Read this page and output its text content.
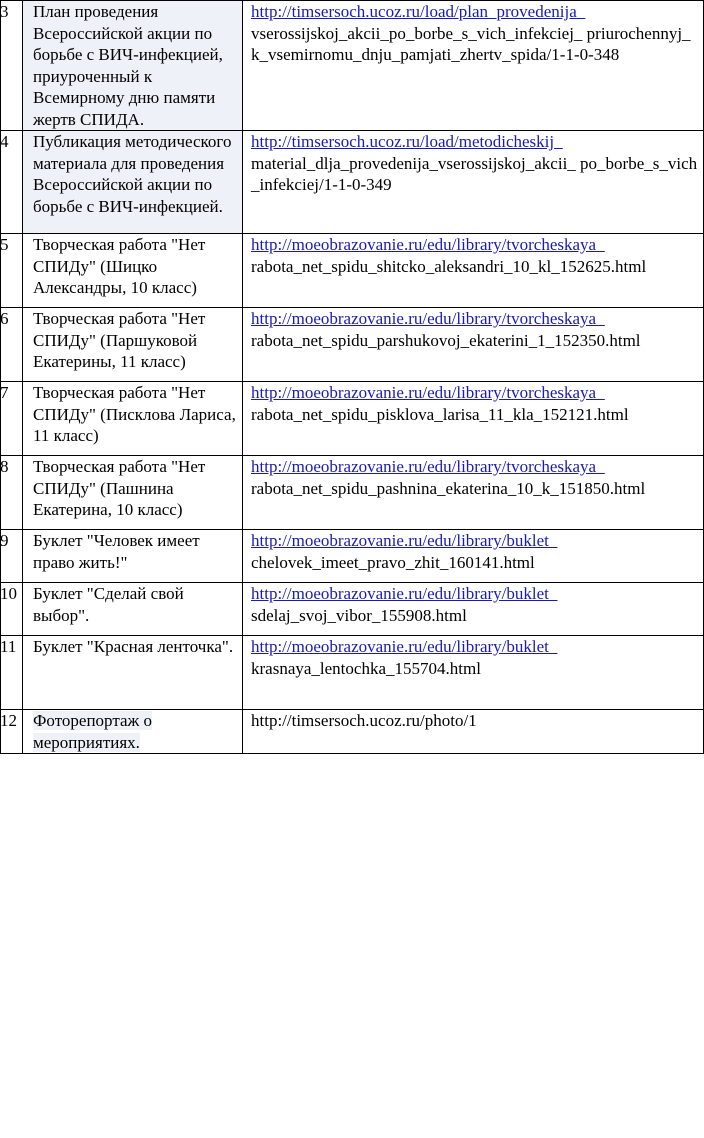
3	План проведения Всероссийской акции по борьбе с ВИЧ-инфекцией, приуроченный к Всемирному дню памяти жертв СПИДА.	http://timsersoch.ucoz.ru/load/plan_provedenija_
vserossijskoj_akcii_po_borbe_s_vich_infekciej_ priurochennyj_k_vsemirnomu_dnju_pamjati_zhertv_spida/1-1-0-348

4	Публикация методического материала для проведения Всероссийской акции по борьбе с ВИЧ-инфекцией.	http://timsersoch.ucoz.ru/load/metodicheskij_
material_dlja_provedenija_vserossijskoj_akcii_ po_borbe_s_vich_infekciej/1-1-0-349

5	Творческая работа "Нет СПИДу" (Шицко Александры, 10 класс)	http://moeobrazovanie.ru/edu/library/tvorcheskaya_
rabota_net_spidu_shitcko_aleksandri_10_kl_152625.html

6	Творческая работа "Нет СПИДу" (Паршуковой Екатерины, 11 класс)	http://moeobrazovanie.ru/edu/library/tvorcheskaya_
rabota_net_spidu_parshukovoj_ekaterini_1_152350.html

7	Творческая работа "Нет СПИДу" (Писклова Лариса, 11 класс)	http://moeobrazovanie.ru/edu/library/tvorcheskaya_
rabota_net_spidu_pisklova_larisa_11_kla_152121.html

8	Творческая работа "Нет СПИДу" (Пашнина Екатерина, 10 класс)	http://moeobrazovanie.ru/edu/library/tvorcheskaya_
rabota_net_spidu_pashnina_ekaterina_10_k_151850.html

9	Буклет "Человек имеет право жить!"	http://moeobrazovanie.ru/edu/library/buklet_
chelovek_imeet_pravo_zhit_160141.html

10	Буклет "Сделай свой выбор".	http://moeobrazovanie.ru/edu/library/buklet_
sdelaj_svoj_vibor_155908.html

11	Буклет "Красная ленточка".	http://moeobrazovanie.ru/edu/library/buklet_
krasnaya_lentochka_155704.html

12	Фоторепортаж о мероприятиях.	http://timsersoch.ucoz.ru/photo/1
